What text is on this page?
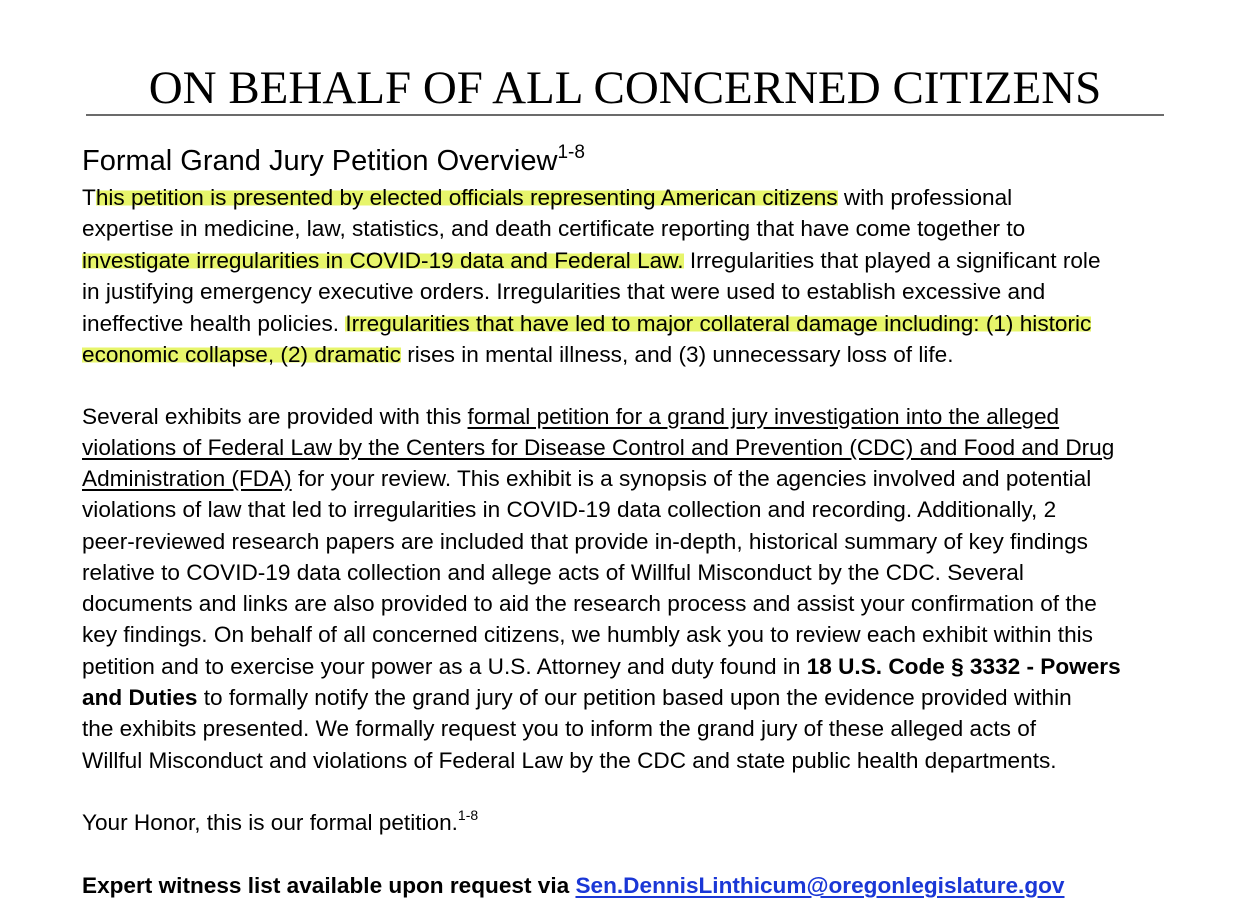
ON BEHALF OF ALL CONCERNED CITIZENS
Formal Grand Jury Petition Overview$^{1-8}$
This petition is presented by elected officials representing American citizens with professional
expertise in medicine, law, statistics, and death certificate reporting that have come together to
investigate irregularities in COVID-19 data and Federal Law. Irregularities that played a significant role
in justifying emergency executive orders. Irregularities that were used to establish excessive and
ineffective health policies. Irregularities that have led to major collateral damage including: (1) historic
economic collapse, (2) dramatic rises in mental illness, and (3) unnecessary loss of life.
Several exhibits are provided with this formal petition for a grand jury investigation into the alleged
violations of Federal Law by the Centers for Disease Control and Prevention (CDC) and Food and Drug
Administration (FDA) for your review. This exhibit is a synopsis of the agencies involved and potential
violations of law that led to irregularities in COVID-19 data collection and recording. Additionally, 2
peer-reviewed research papers are included that provide in-depth, historical summary of key findings
relative to COVID-19 data collection and allege acts of Willful Misconduct by the CDC. Several
documents and links are also provided to aid the research process and assist your confirmation of the
key findings. On behalf of all concerned citizens, we humbly ask you to review each exhibit within this
petition and to exercise your power as a U.S. Attorney and duty found in 18 U.S. Code § 3332 - Powers
and Duties to formally notify the grand jury of our petition based upon the evidence provided within
the exhibits presented. We formally request you to inform the grand jury of these alleged acts of
Willful Misconduct and violations of Federal Law by the CDC and state public health departments.
Your Honor, this is our formal petition.$^{1-8}$
Expert witness list available upon request via Sen.DennisLinthicum@oregonlegislature.gov
